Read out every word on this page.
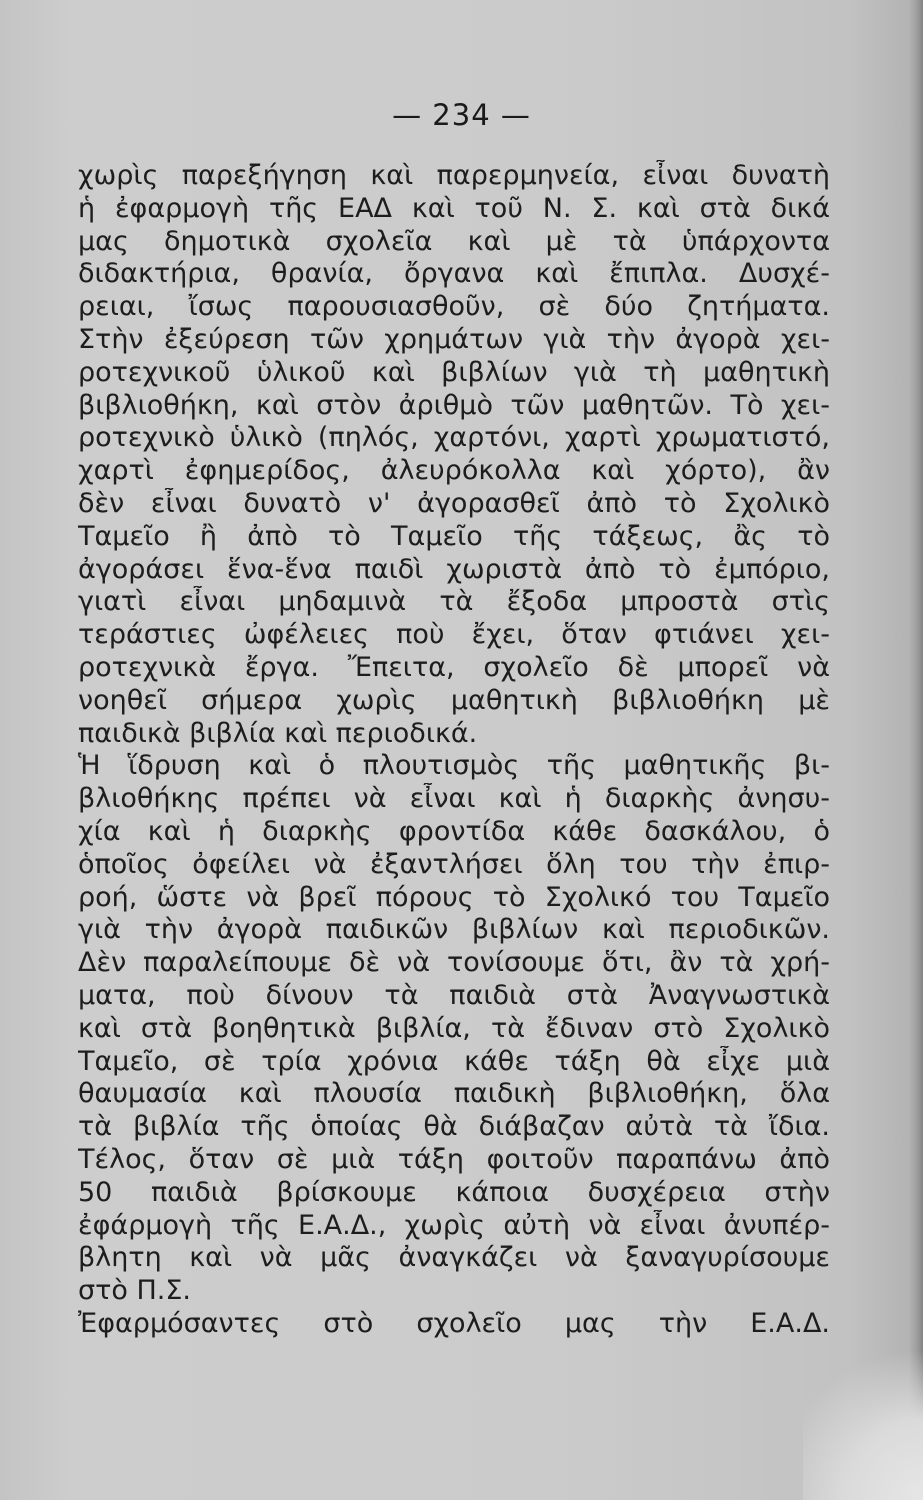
— 234 —
χωρὶς παρεξήγηση καὶ παρερμηνεία, εἶναι δυνατὴ
ἡ ἐφαρμογὴ τῆς ΕΑΔ καὶ τοῦ Ν. Σ. καὶ στὰ δικά
μας δημοτικὰ σχολεῖα καὶ μὲ τὰ ὑπάρχοντα
διδακτήρια, θρανία, ὄργανα καὶ ἔπιπλα. Δυσχέ-
ρειαι, ἴσως παρουσιασθοῦν, σὲ δύο ζητήματα.
Στὴν ἐξεύρεση τῶν χρημάτων γιὰ τὴν ἀγορὰ χει-
ροτεχνικοῦ ὑλικοῦ καὶ βιβλίων γιὰ τὴ μαθητικὴ
βιβλιοθήκη, καὶ στὸν ἀριθμὸ τῶν μαθητῶν. Τὸ χει-
ροτεχνικὸ ὑλικὸ (πηλός, χαρτόνι, χαρτὶ χρωματιστό,
χαρτὶ ἐφημερίδος, ἀλευρόκολλα καὶ χόρτο), ἂν
δὲν εἶναι δυνατὸ ν' ἀγορασθεῖ ἀπὸ τὸ Σχολικὸ
Ταμεῖο ἢ ἀπὸ τὸ Ταμεῖο τῆς τάξεως, ἂς τὸ
ἀγοράσει ἕνα-ἕνα παιδὶ χωριστὰ ἀπὸ τὸ ἐμπόριο,
γιατὶ εἶναι μηδαμινὰ τὰ ἔξοδα μπροστὰ στὶς
τεράστιες ὠφέλειες ποὺ ἔχει, ὅταν φτιάνει χει-
ροτεχνικὰ ἔργα. Ἔπειτα, σχολεῖο δὲ μπορεῖ νὰ
νοηθεῖ σήμερα χωρὶς μαθητικὴ βιβλιοθήκη μὲ
παιδικὰ βιβλία καὶ περιοδικά.
Ἡ ἵδρυση καὶ ὁ πλουτισμὸς τῆς μαθητικῆς βι-
βλιοθήκης πρέπει νὰ εἶναι καὶ ἡ διαρκὴς ἀνησυ-
χία καὶ ἡ διαρκὴς φροντίδα κάθε δασκάλου, ὁ
ὁποῖος ὀφείλει νὰ ἐξαντλήσει ὅλη του τὴν ἐπιρ-
ροή, ὥστε νὰ βρεῖ πόρους τὸ Σχολικό του Ταμεῖο
γιὰ τὴν ἀγορὰ παιδικῶν βιβλίων καὶ περιοδικῶν.
Δὲν παραλείπουμε δὲ νὰ τονίσουμε ὅτι, ἂν τὰ χρή-
ματα, ποὺ δίνουν τὰ παιδιὰ στὰ Ἀναγνωστικὰ
καὶ στὰ βοηθητικὰ βιβλία, τὰ ἔδιναν στὸ Σχολικὸ
Ταμεῖο, σὲ τρία χρόνια κάθε τάξη θὰ εἶχε μιὰ
θαυμασία καὶ πλουσία παιδικὴ βιβλιοθήκη, ὅλα
τὰ βιβλία τῆς ὁποίας θὰ διάβαζαν αὐτὰ τὰ ἴδια.
Τέλος, ὅταν σὲ μιὰ τάξη φοιτοῦν παραπάνω ἀπὸ
50 παιδιὰ βρίσκουμε κάποια δυσχέρεια στὴν
ἐφάρμογὴ τῆς Ε.Α.Δ., χωρὶς αὐτὴ νὰ εἶναι ἀνυπέρ-
βλητη καὶ νὰ μᾶς ἀναγκάζει νὰ ξαναγυρίσουμε
στὸ Π.Σ.
Ἐφαρμόσαντες στὸ σχολεῖο μας τὴν Ε.Α.Δ.
